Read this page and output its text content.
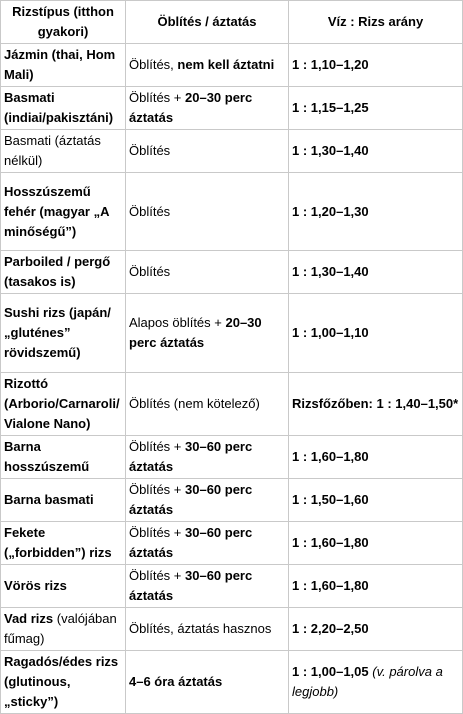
Rizstípus (itthon gyakori)	Öblítés / áztatás	Víz : Rizs arány
Jázmin (thai, Hom Mali)	Öblítés, nem kell áztatni	1 : 1,10–1,20
Basmati (indiai/pakisztáni)	Öblítés + 20–30 perc áztatás	1 : 1,15–1,25
Basmati (áztatás nélkül)	Öblítés	1 : 1,30–1,40
Hosszúszemű fehér (magyar „A minőségű”)	Öblítés	1 : 1,20–1,30
Parboiled / pergő (tasakos is)	Öblítés	1 : 1,30–1,40
Sushi rizs (japán/„gluténes” rövidszemű)	Alapos öblítés + 20–30 perc áztatás	1 : 1,00–1,10
Rizottó (Arborio/Carnaroli/ Vialone Nano)	Öblítés (nem kötelező)	Rizsfőzőben: 1 : 1,40–1,50*
Barna hosszúszemű	Öblítés + 30–60 perc áztatás	1 : 1,60–1,80
Barna basmati	Öblítés + 30–60 perc áztatás	1 : 1,50–1,60
Fekete („forbidden”) rizs	Öblítés + 30–60 perc áztatás	1 : 1,60–1,80
Vörös rizs	Öblítés + 30–60 perc áztatás	1 : 1,60–1,80
Vad rizs (valójában fűmag)	Öblítés, áztatás hasznos	1 : 2,20–2,50
Ragadós/édes rizs (glutinous, „sticky”)	4–6 óra áztatás	1 : 1,00–1,05 (v. párolva a legjobb)
